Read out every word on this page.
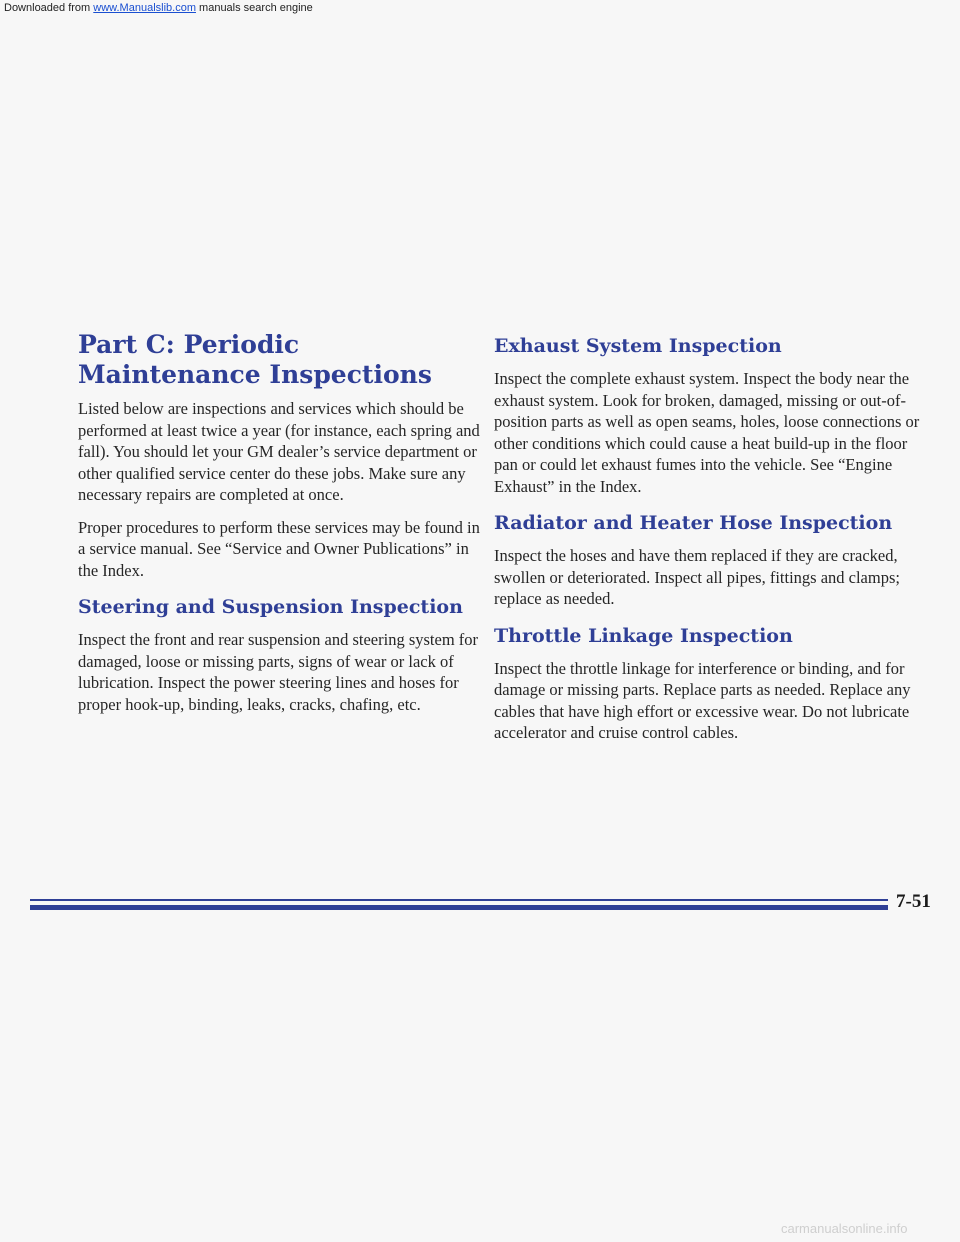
Downloaded from www.Manualslib.com manuals search engine
Part C: Periodic Maintenance Inspections

Listed below are inspections and services which should be performed at least twice a year (for instance, each spring and fall). You should let your GM dealer’s service department or other qualified service center do these jobs. Make sure any necessary repairs are completed at once.

Proper procedures to perform these services may be found in a service manual. See “Service and Owner Publications” in the Index.

Steering and Suspension Inspection

Inspect the front and rear suspension and steering system for damaged, loose or missing parts, signs of wear or lack of lubrication. Inspect the power steering lines and hoses for proper hook-up, binding, leaks, cracks, chafing, etc.

Exhaust System Inspection

Inspect the complete exhaust system. Inspect the body near the exhaust system. Look for broken, damaged, missing or out-of-position parts as well as open seams, holes, loose connections or other conditions which could cause a heat build-up in the floor pan or could let exhaust fumes into the vehicle. See “Engine Exhaust” in the Index.

Radiator and Heater Hose Inspection

Inspect the hoses and have them replaced if they are cracked, swollen or deteriorated. Inspect all pipes, fittings and clamps; replace as needed.

Throttle Linkage Inspection

Inspect the throttle linkage for interference or binding, and for damage or missing parts. Replace parts as needed. Replace any cables that have high effort or excessive wear. Do not lubricate accelerator and cruise control cables.

7-51
carmanualsonline.info
